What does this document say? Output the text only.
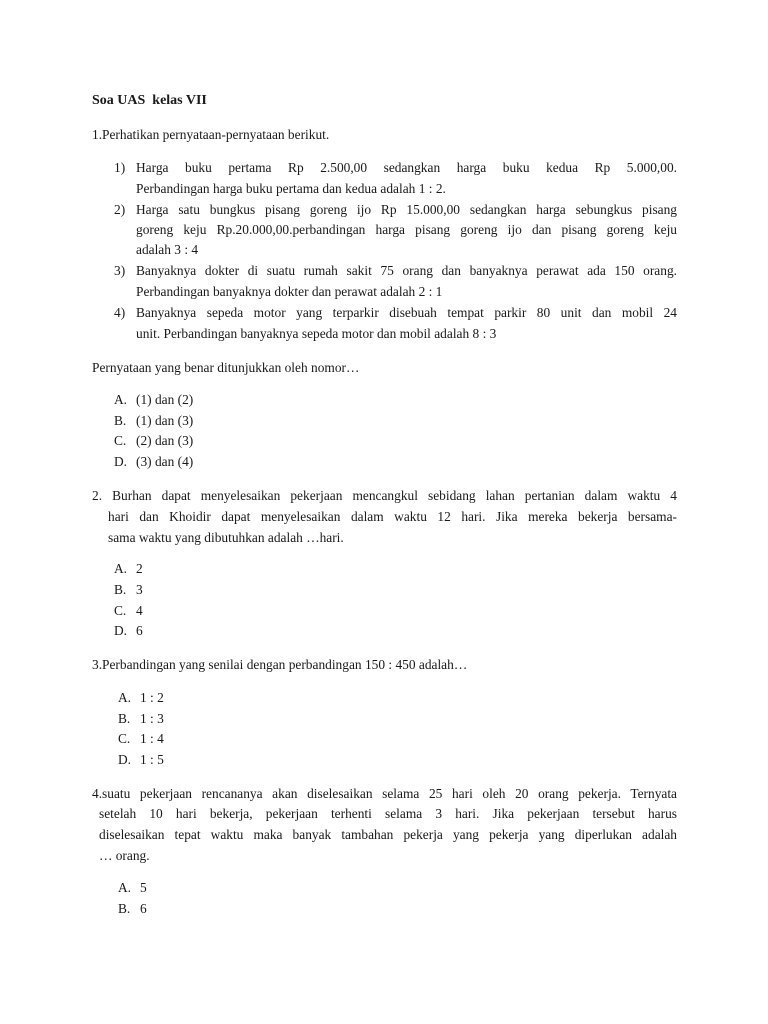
Soa UAS  kelas VII
1.Perhatikan pernyataan-pernyataan berikut.
1) Harga buku pertama Rp 2.500,00 sedangkan harga buku kedua Rp 5.000,00.
Perbandingan harga buku pertama dan kedua adalah 1 : 2.
2) Harga satu bungkus pisang goreng ijo Rp 15.000,00 sedangkan harga sebungkus pisang
goreng keju Rp.20.000,00.perbandingan harga pisang goreng ijo dan pisang goreng keju
adalah 3 : 4
3) Banyaknya dokter di suatu rumah sakit 75 orang dan banyaknya perawat ada 150 orang.
Perbandingan banyaknya dokter dan perawat adalah 2 : 1
4) Banyaknya sepeda motor yang terparkir disebuah tempat parkir 80 unit dan mobil 24
unit. Perbandingan banyaknya sepeda motor dan mobil adalah 8 : 3
Pernyataan yang benar ditunjukkan oleh nomor…
A. (1) dan (2)
B. (1) dan (3)
C. (2) dan (3)
D. (3) dan (4)
2. Burhan dapat menyelesaikan pekerjaan mencangkul sebidang lahan pertanian dalam waktu 4
hari dan Khoidir dapat menyelesaikan dalam waktu 12 hari. Jika mereka bekerja bersama-
sama waktu yang dibutuhkan adalah …hari.
A. 2
B. 3
C. 4
D. 6
3.Perbandingan yang senilai dengan perbandingan 150 : 450 adalah…
A. 1 : 2
B. 1 : 3
C. 1 : 4
D. 1 : 5
4.suatu pekerjaan rencananya akan diselesaikan selama 25 hari oleh 20 orang pekerja. Ternyata
setelah 10 hari bekerja, pekerjaan terhenti selama 3 hari. Jika pekerjaan tersebut harus
diselesaikan tepat waktu maka banyak tambahan pekerja yang pekerja yang diperlukan adalah
… orang.
A. 5
B. 6
